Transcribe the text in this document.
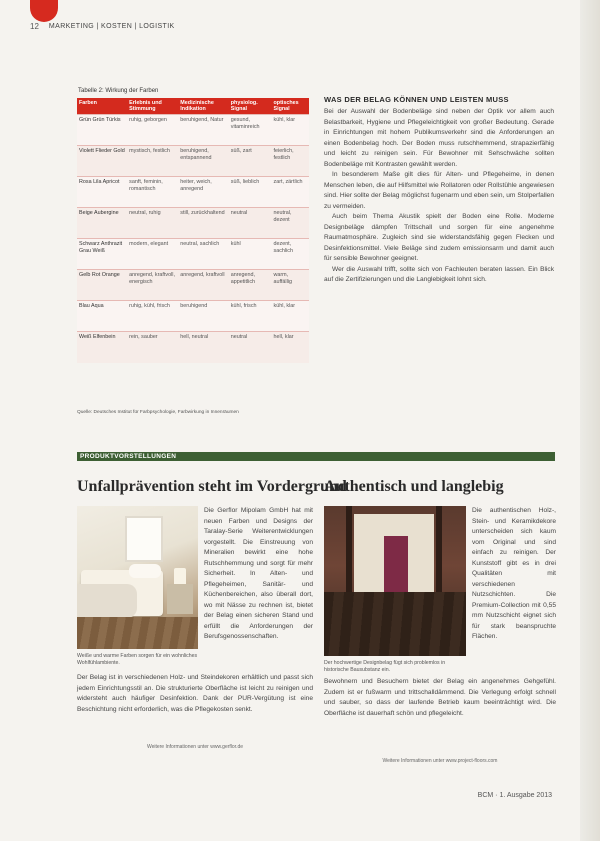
12 MARKETING | KOSTEN | LOGISTIK
Tabelle 2: Wirkung der Farben
Farben	Erlebnis und Stimmung	Medizinische Indikation	physiolog. Signal	optisches Signal
Grün Grün Türkis	ruhig, geborgen	beruhigend, Natur	gesund, vitaminreich	kühl, klar
Violett Flieder Gold	mystisch, festlich	beruhigend, entspannend	süß, zart	feierlich, festlich
Rosa Lila Apricot	sanft, feminin, romantisch	heiter, weich, anregend	süß, lieblich	zart, zärtlich
Beige Aubergine	neutral, ruhig	still, zurückhaltend	neutral	neutral, dezent
Schwarz Anthrazit Grau Weiß	modern, elegant	neutral, sachlich	kühl	dezent, sachlich
Gelb Rot Orange	anregend, kraftvoll, energisch	anregend, kraftvoll	anregend, appetitlich	warm, auffällig
Blau Aqua	ruhig, kühl, frisch	beruhigend	kühl, frisch	kühl, klar
Weiß Elfenbein	rein, sauber	hell, neutral	neutral	hell, klar
Quelle: Deutsches Institut für Farbpsychologie, Farbwirkung in Innenräumen
WAS DER BELAG KÖNNEN UND LEISTEN MUSS

Bei der Auswahl der Bodenbeläge sind neben der Optik vor allem auch Belastbarkeit, Hygiene und Pflegeleichtigkeit von großer Bedeutung. Gerade in Einrichtungen mit hohem Publikumsverkehr sind die Anforderungen an einen Bodenbelag hoch. Der Boden muss rutschhemmend, strapazierfähig und leicht zu reinigen sein. Für Bewohner mit Sehschwäche sollten Bodenbeläge mit Kontrasten gewählt werden.

In besonderem Maße gilt dies für Alten- und Pflegeheime, in denen Menschen leben, die auf Hilfsmittel wie Rollatoren oder Rollstühle angewiesen sind. Hier sollte der Belag möglichst fugenarm und eben sein, um Stolperfallen zu vermeiden.

Auch beim Thema Akustik spielt der Boden eine Rolle. Moderne Designbeläge dämpfen Trittschall und sorgen für eine angenehme Raumatmosphäre. Zugleich sind sie widerstandsfähig gegen Flecken und Desinfektionsmittel. Viele Beläge sind zudem emissionsarm und damit auch für sensible Bewohner geeignet.

Wer die Auswahl trifft, sollte sich von Fachleuten beraten lassen. Ein Blick auf die Zertifizierungen und die Langlebigkeit lohnt sich.

PRODUKTVORSTELLUNGEN
Unfallprävention steht im Vordergrund
Authentisch und langlebig
Weiße und warme Farben sorgen für ein wohnliches Wohlfühlambiente.

Die Gerflor Mipolam GmbH hat mit neuen Farben und Designs der Taralay-Serie Weiterentwicklungen vorgestellt. Die Einstreuung von Mineralien bewirkt eine hohe Rutschhemmung und sorgt für mehr Sicherheit. In Alten- und Pflegeheimen, Sanitär- und Küchenbereichen, also überall dort, wo mit Nässe zu rechnen ist, bietet der Belag einen sicheren Stand und erfüllt die Anforderungen der Berufsgenossenschaften.

Der Belag ist in verschiedenen Holz- und Steindekoren erhältlich und passt sich jedem Einrichtungsstil an. Die strukturierte Oberfläche ist leicht zu reinigen und widersteht auch häufiger Desinfektion. Dank der PUR-Vergütung ist eine Beschichtung nicht erforderlich, was die Pflegekosten senkt.

Weitere Informationen unter www.gerflor.de
Der hochwertige Designbelag fügt sich problemlos in historische Bausubstanz ein.

Die authentischen Holz-, Stein- und Keramikdekore unterscheiden sich kaum vom Original und sind einfach zu reinigen. Der Kunststoff gibt es in drei Qualitäten mit verschiedenen Nutzschichten. Die Premium-Collection mit 0,55 mm Nutzschicht eignet sich für stark beanspruchte Flächen.

Bewohnern und Besuchern bietet der Belag ein angenehmes Gehgefühl. Zudem ist er fußwarm und trittschalldämmend. Die Verlegung erfolgt schnell und sauber, so dass der laufende Betrieb kaum beeinträchtigt wird. Die Oberfläche ist dauerhaft schön und pflegeleicht.

Weitere Informationen unter www.project-floors.com
BCM · 1. Ausgabe 2013
